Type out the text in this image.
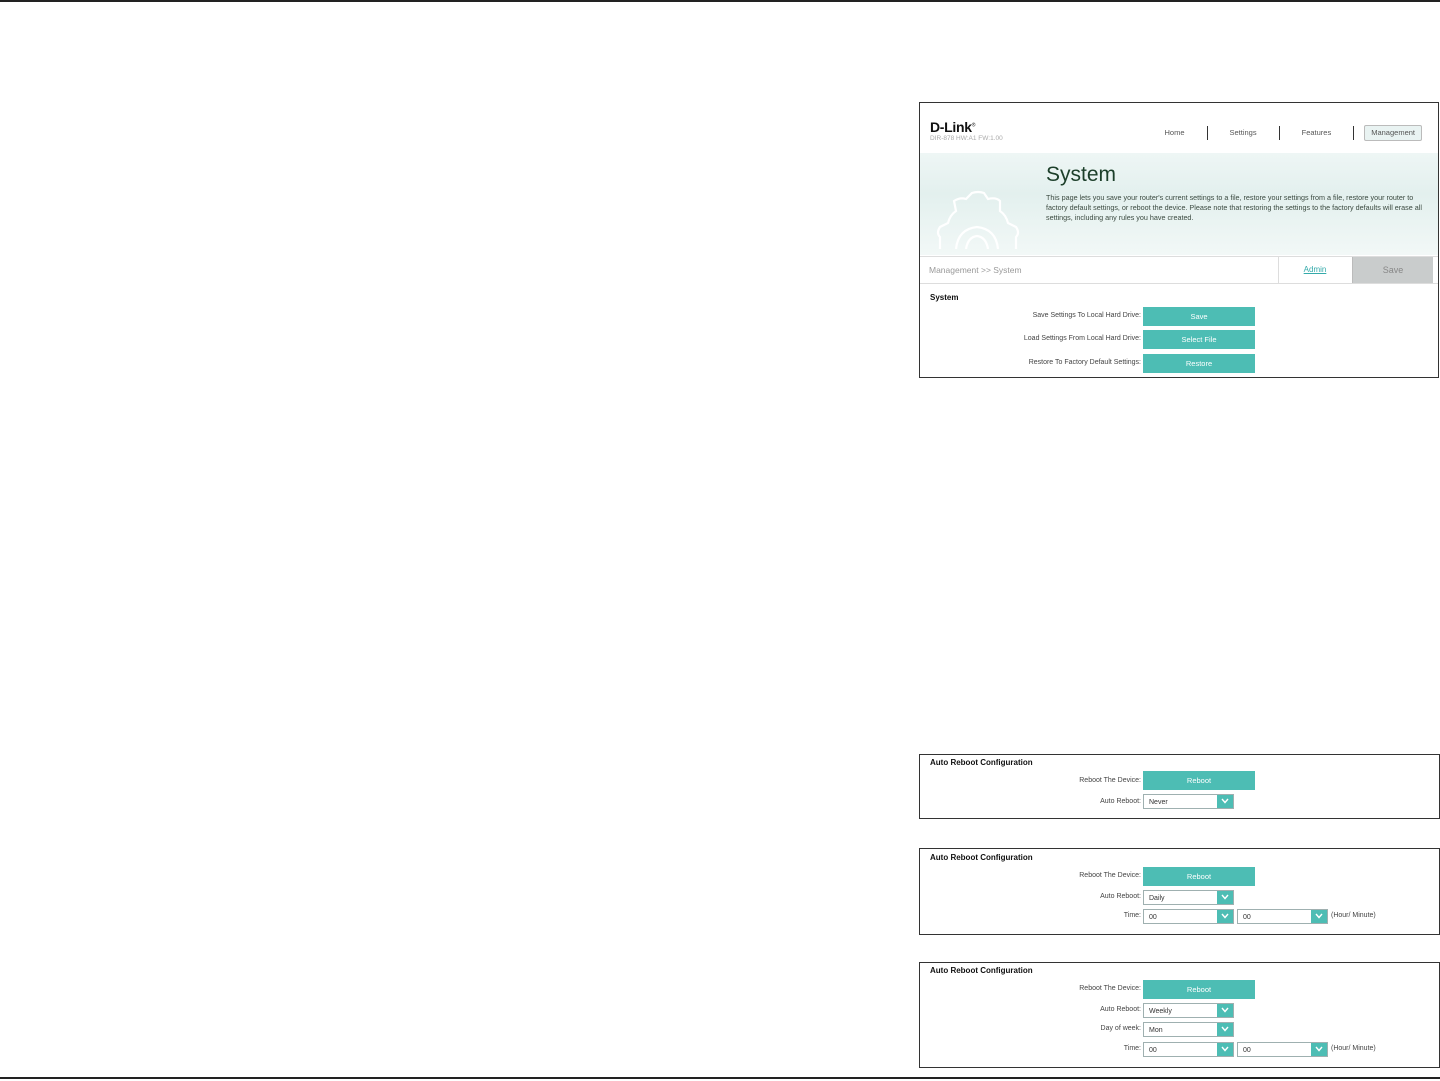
D-Link®
DIR-878 HW:A1 FW:1.00
Home	Settings	Features	Management
System
This page lets you save your router's current settings to a file, restore your settings from a file, restore your router to factory default settings, or reboot the device. Please note that restoring the settings to the factory defaults will erase all settings, including any rules you have created.
Management >> System	Admin	Save
System
Save Settings To Local Hard Drive:	Save
Load Settings From Local Hard Drive:	Select File
Restore To Factory Default Settings:	Restore
Auto Reboot Configuration
Reboot The Device:	Reboot
Auto Reboot:	Never
Auto Reboot Configuration
Reboot The Device:	Reboot
Auto Reboot:	Daily
Time:	00	00	(Hour/ Minute)
Auto Reboot Configuration
Reboot The Device:	Reboot
Auto Reboot:	Weekly
Day of week:	Mon
Time:	00	00	(Hour/ Minute)
